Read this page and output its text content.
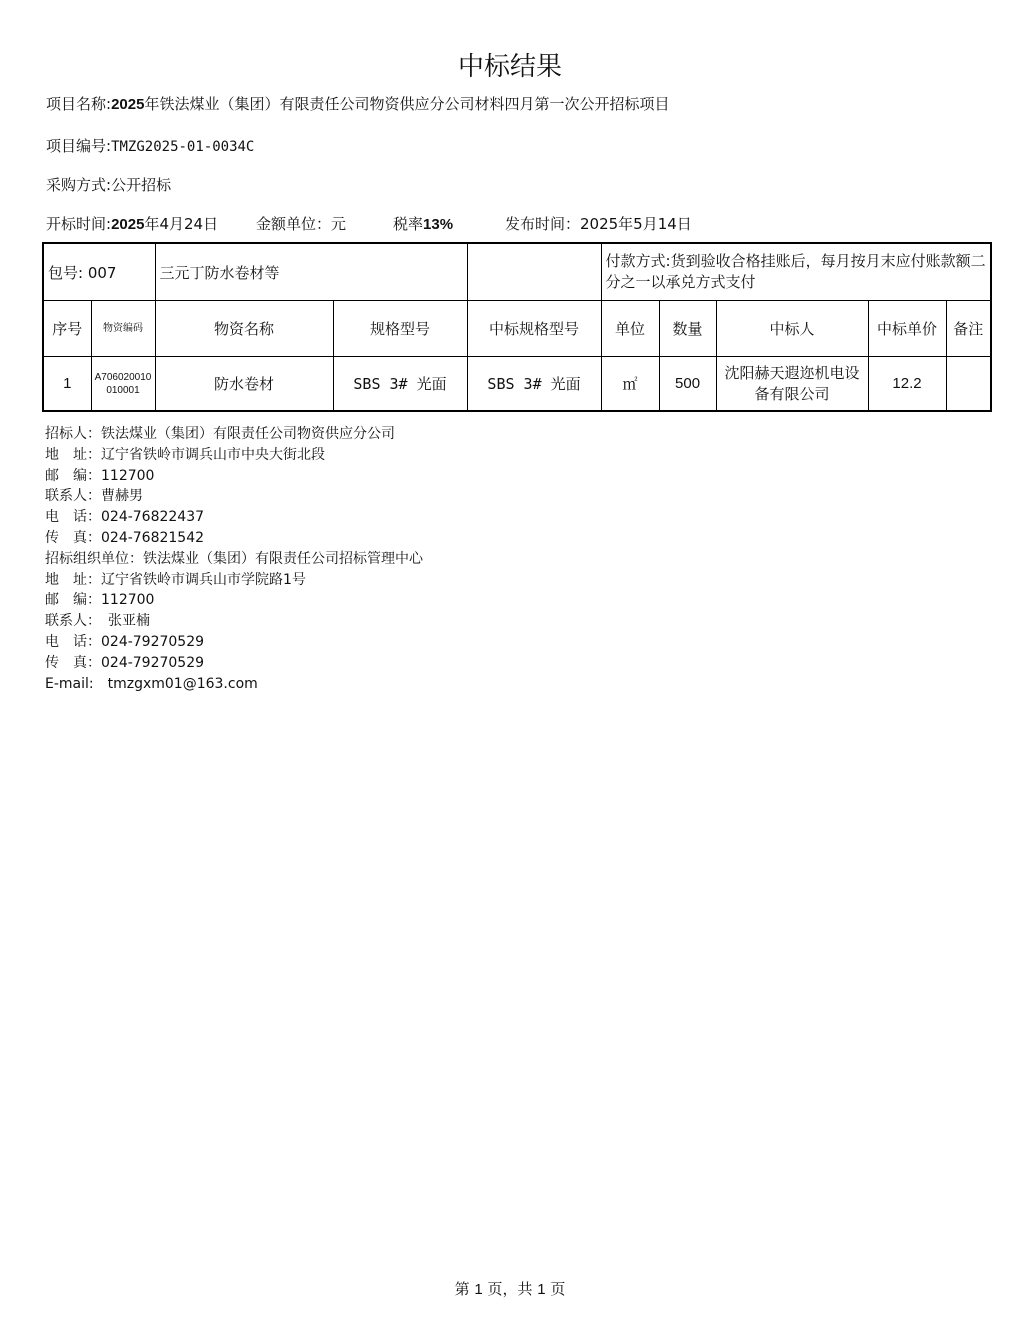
中标结果
项目名称:2025年铁法煤业（集团）有限责任公司物资供应分公司材料四月第一次公开招标项目
项目编号:TMZG2025-01-0034C
采购方式:公开招标
开标时间:2025年4月24日	金额单位：元	税率13%	发布时间：2025年5月14日
包号: 007		三元丁防水卷材等			付款方式:货到验收合格挂账后，每月按月末应付账款额二分之一以承兑方式支付				
序号	物资编码	物资名称	规格型号	中标规格型号	单位	数量	中标人	中标单价	备注
1	A706020010010001	防水卷材	SBS 3# 光面	SBS 3# 光面	㎡	500	沈阳赫天遐迩机电设备有限公司	12.2	
招标人：铁法煤业（集团）有限责任公司物资供应分公司
地　址：辽宁省铁岭市调兵山市中央大街北段
邮　编：112700
联系人：曹赫男
电　话：024-76822437
传　真：024-76821542
招标组织单位：铁法煤业（集团）有限责任公司招标管理中心
地　址：辽宁省铁岭市调兵山市学院路1号
邮　编：112700
联系人：　张亚楠
电　话：024-79270529
传　真：024-79270529
E-mail:　tmzgxm01@163.com
第 1 页，共 1 页
